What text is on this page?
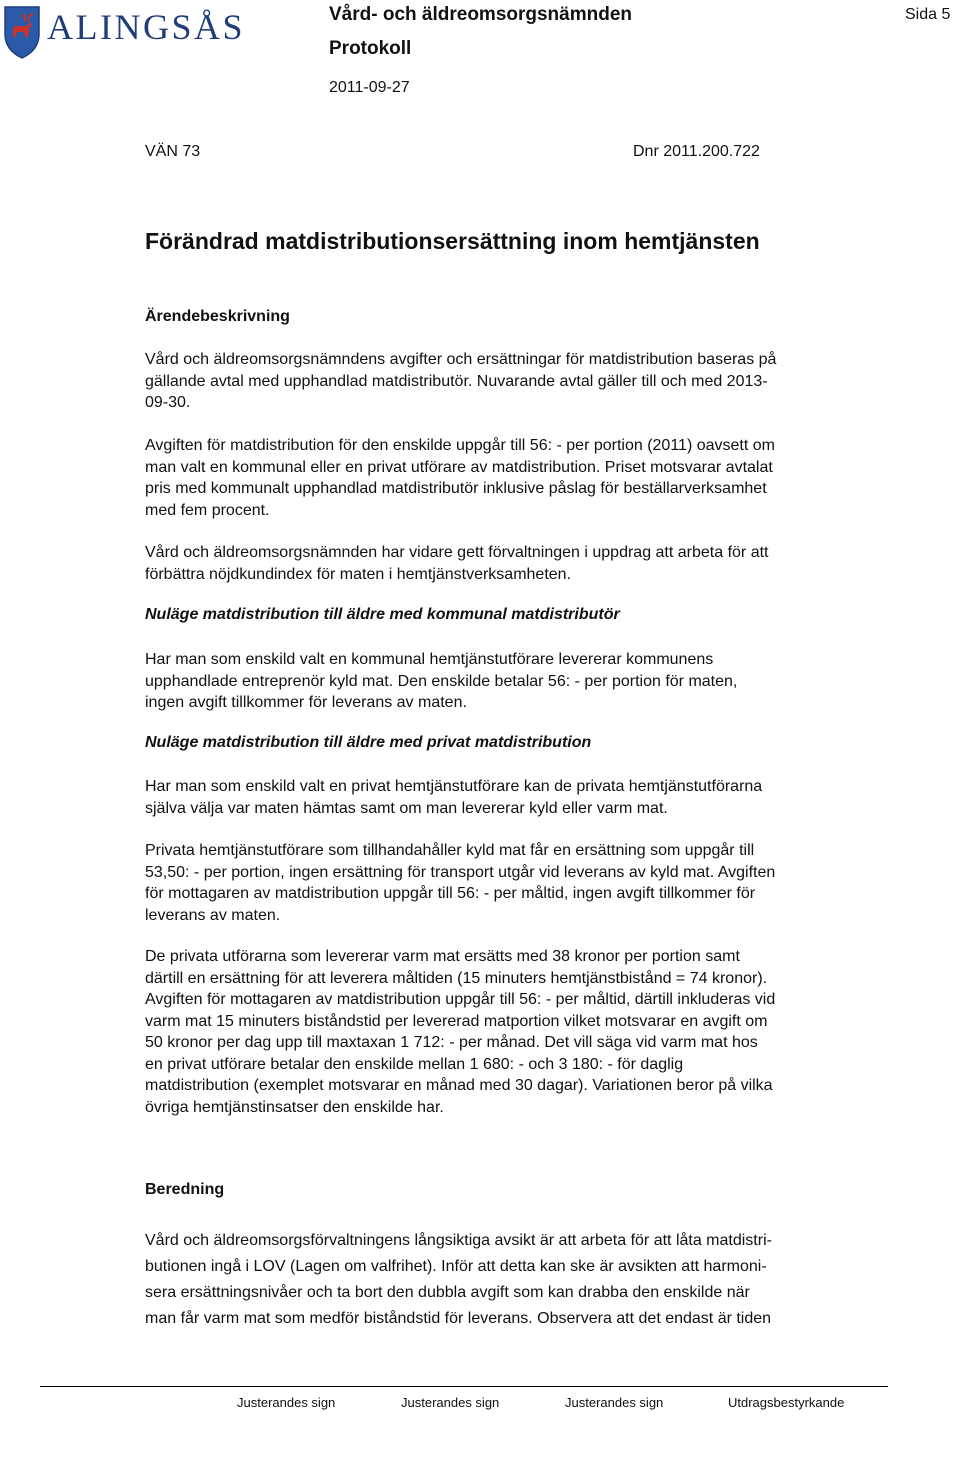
ALINGSÅS	Vård- och äldreomsorgsnämnden
Protokoll
2011-09-27
Sida 5
VÄN 73	Dnr 2011.200.722
Förändrad matdistributionsersättning inom hemtjänsten
Ärendebeskrivning
Vård och äldreomsorgsnämndens avgifter och ersättningar för matdistribution baseras på
gällande avtal med upphandlad matdistributör. Nuvarande avtal gäller till och med 2013-
09-30.
Avgiften för matdistribution för den enskilde uppgår till 56: - per portion (2011) oavsett om
man valt en kommunal eller en privat utförare av matdistribution. Priset motsvarar avtalat
pris med kommunalt upphandlad matdistributör inklusive påslag för beställarverksamhet
med fem procent.
Vård och äldreomsorgsnämnden har vidare gett förvaltningen i uppdrag att arbeta för att
förbättra nöjdkundindex för maten i hemtjänstverksamheten.
Nuläge matdistribution till äldre med kommunal matdistributör
Har man som enskild valt en kommunal hemtjänstutförare levererar kommunens
upphandlade entreprenör kyld mat. Den enskilde betalar 56: - per portion för maten,
ingen avgift tillkommer för leverans av maten.
Nuläge matdistribution till äldre med privat matdistribution
Har man som enskild valt en privat hemtjänstutförare kan de privata hemtjänstutförarna
själva välja var maten hämtas samt om man levererar kyld eller varm mat.
Privata hemtjänstutförare som tillhandahåller kyld mat får en ersättning som uppgår till
53,50: - per portion, ingen ersättning för transport utgår vid leverans av kyld mat. Avgiften
för mottagaren av matdistribution uppgår till 56: - per måltid, ingen avgift tillkommer för
leverans av maten.
De privata utförarna som levererar varm mat ersätts med 38 kronor per portion samt
därtill en ersättning för att leverera måltiden (15 minuters hemtjänstbistånd = 74 kronor).
Avgiften för mottagaren av matdistribution uppgår till 56: - per måltid, därtill inkluderas vid
varm mat 15 minuters biståndstid per levererad matportion vilket motsvarar en avgift om
50 kronor per dag upp till maxtaxan 1 712: - per månad. Det vill säga vid varm mat hos
en privat utförare betalar den enskilde mellan 1 680: - och 3 180: - för daglig
matdistribution (exemplet motsvarar en månad med 30 dagar). Variationen beror på vilka
övriga hemtjänstinsatser den enskilde har.
Beredning
Vård och äldreomsorgsförvaltningens långsiktiga avsikt är att arbeta för att låta matdistri-
butionen ingå i LOV (Lagen om valfrihet). Inför att detta kan ske är avsikten att harmoni-
sera ersättningsnivåer och ta bort den dubbla avgift som kan drabba den enskilde när
man får varm mat som medför biståndstid för leverans. Observera att det endast är tiden
Justerandes sign	Justerandes sign	Justerandes sign	Utdragsbestyrkande
